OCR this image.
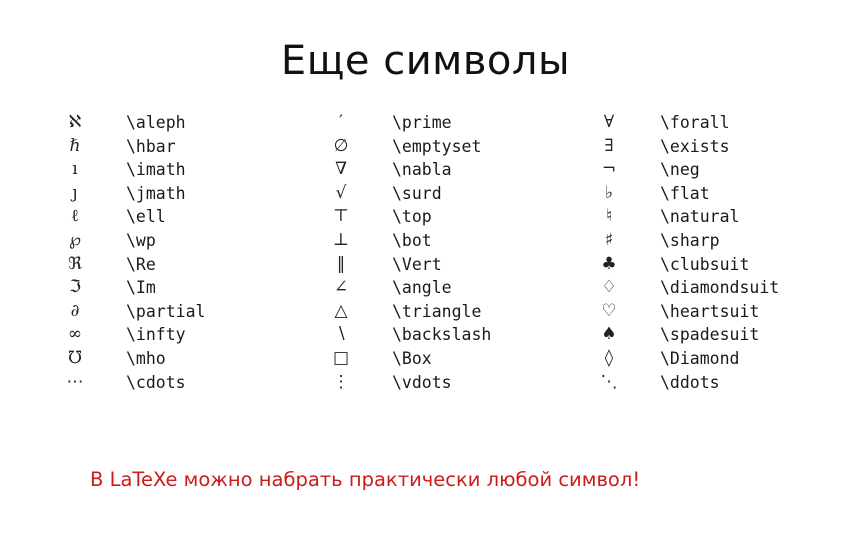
Еще символы
ℵ	\aleph
ℏ	\hbar
ı	\imath
ȷ	\jmath
ℓ	\ell
℘	\wp
ℜ	\Re
ℑ	\Im
∂	\partial
∞	\infty
℧	\mho
⋯	\cdots
′	\prime
∅	\emptyset
∇	\nabla
√	\surd
⊤	\top
⊥	\bot
‖	\Vert
∠	\angle
△	\triangle
∖	\backslash
□	\Box
⋮	\vdots
∀	\forall
∃	\exists
¬	\neg
♭	\flat
♮	\natural
♯	\sharp
♣	\clubsuit
♢	\diamondsuit
♡	\heartsuit
♠	\spadesuit
◊	\Diamond
⋱	\ddots
В LaTeXe можно набрать практически любой символ!
